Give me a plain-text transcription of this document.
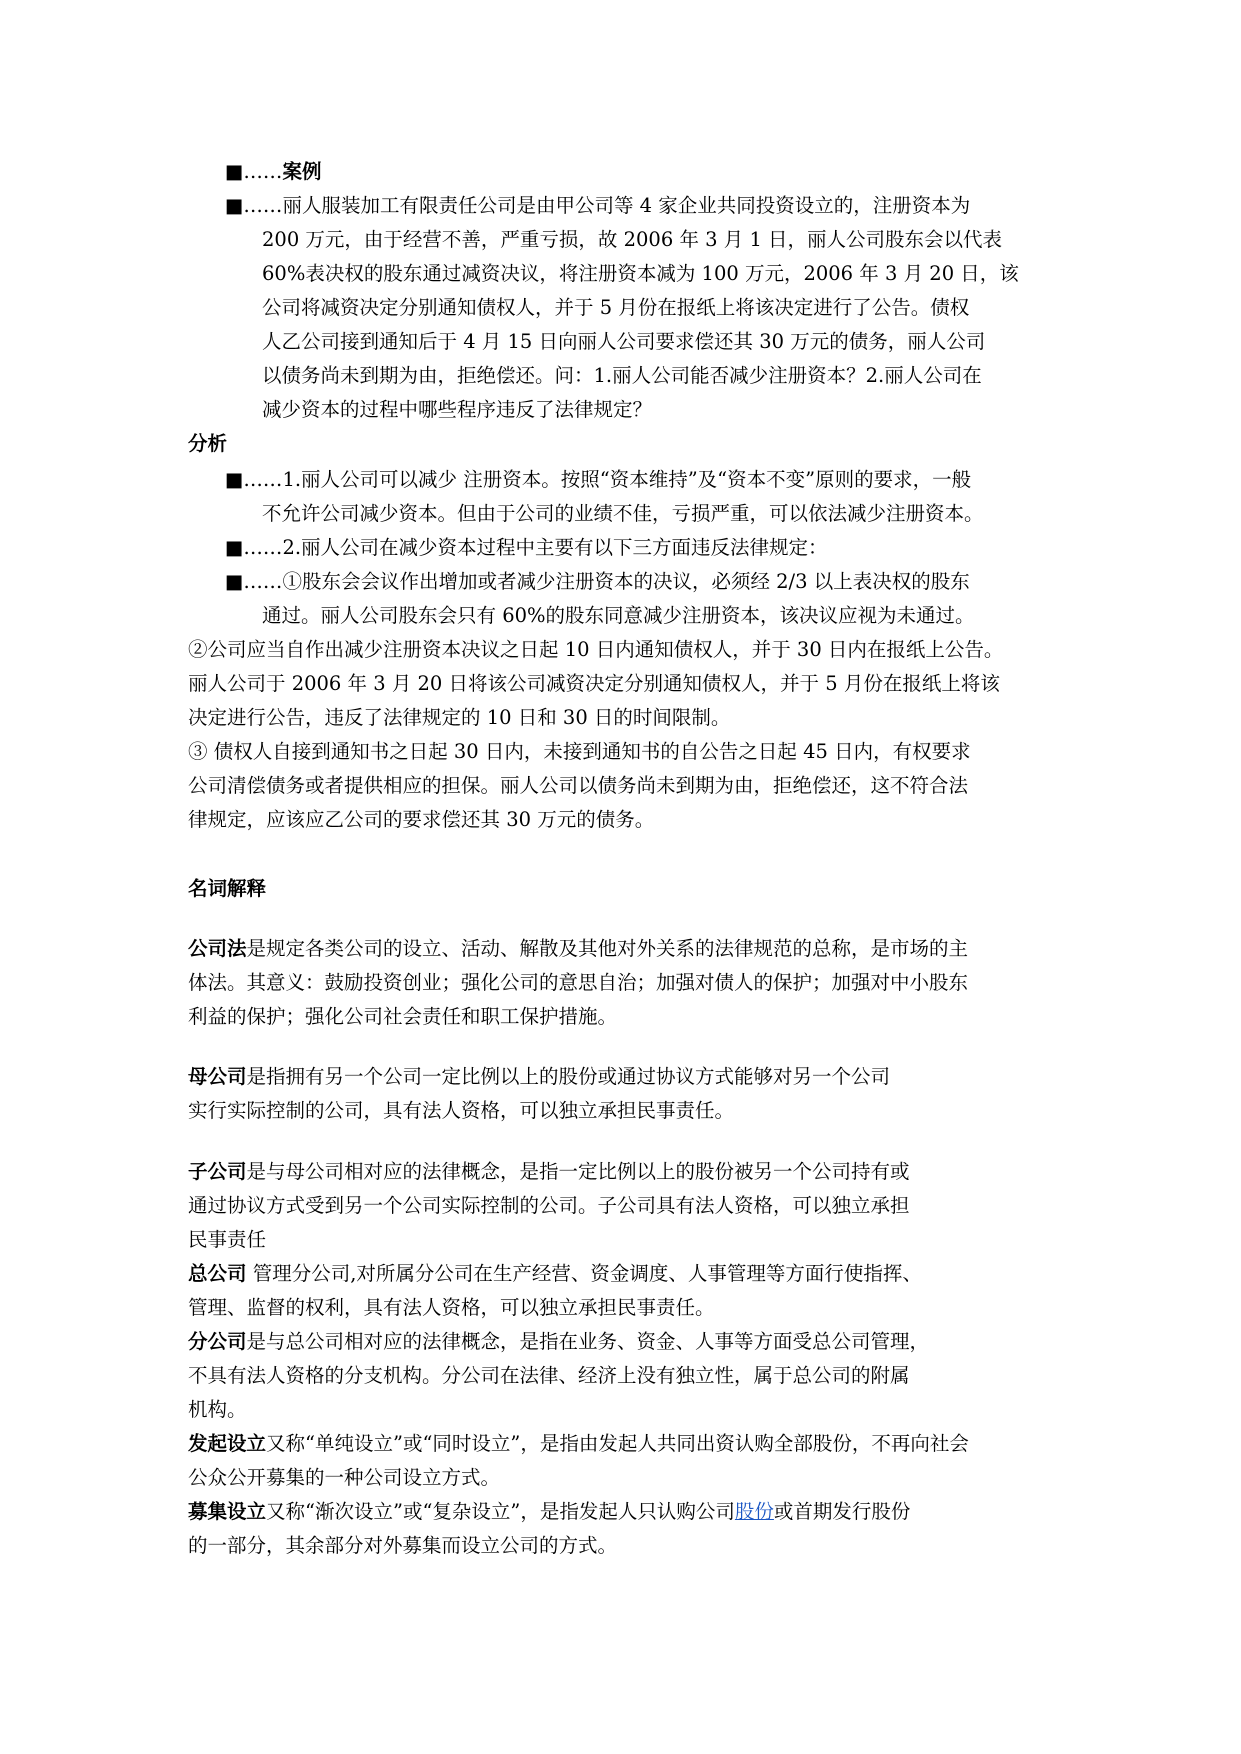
■……案例
■……丽人服装加工有限责任公司是由甲公司等 4 家企业共同投资设立的，注册资本为
200 万元，由于经营不善，严重亏损，故 2006 年 3 月 1 日，丽人公司股东会以代表
60%表决权的股东通过减资决议，将注册资本减为 100 万元，2006 年 3 月 20 日，该
公司将减资决定分别通知债权人，并于 5 月份在报纸上将该决定进行了公告。债权
人乙公司接到通知后于 4 月 15 日向丽人公司要求偿还其 30 万元的债务，丽人公司
以债务尚未到期为由，拒绝偿还。问：1.丽人公司能否减少注册资本？2.丽人公司在
减少资本的过程中哪些程序违反了法律规定？
分析
■……1.丽人公司可以减少 注册资本。按照“资本维持”及“资本不变”原则的要求，一般
不允许公司减少资本。但由于公司的业绩不佳，亏损严重，可以依法减少注册资本。
■……2.丽人公司在减少资本过程中主要有以下三方面违反法律规定：
■……①股东会会议作出增加或者减少注册资本的决议，必须经 2/3 以上表决权的股东
通过。丽人公司股东会只有 60%的股东同意减少注册资本，该决议应视为未通过。
②公司应当自作出减少注册资本决议之日起 10 日内通知债权人，并于 30 日内在报纸上公告。
丽人公司于 2006 年 3 月 20 日将该公司减资决定分别通知债权人，并于 5 月份在报纸上将该
决定进行公告，违反了法律规定的 10 日和 30 日的时间限制。
③ 债权人自接到通知书之日起 30 日内，未接到通知书的自公告之日起 45 日内，有权要求
公司清偿债务或者提供相应的担保。丽人公司以债务尚未到期为由，拒绝偿还，这不符合法
律规定，应该应乙公司的要求偿还其 30 万元的债务。
名词解释
公司法是规定各类公司的设立、活动、解散及其他对外关系的法律规范的总称，是市场的主
体法。其意义：鼓励投资创业；强化公司的意思自治；加强对债人的保护；加强对中小股东
利益的保护；强化公司社会责任和职工保护措施。
母公司是指拥有另一个公司一定比例以上的股份或通过协议方式能够对另一个公司
实行实际控制的公司，具有法人资格，可以独立承担民事责任。
子公司是与母公司相对应的法律概念，是指一定比例以上的股份被另一个公司持有或
通过协议方式受到另一个公司实际控制的公司。子公司具有法人资格，可以独立承担
民事责任
总公司 管理分公司,对所属分公司在生产经营、资金调度、人事管理等方面行使指挥、
管理、监督的权利，具有法人资格，可以独立承担民事责任。
分公司是与总公司相对应的法律概念，是指在业务、资金、人事等方面受总公司管理，
不具有法人资格的分支机构。分公司在法律、经济上没有独立性，属于总公司的附属
机构。
发起设立又称“单纯设立”或“同时设立”，是指由发起人共同出资认购全部股份，不再向社会
公众公开募集的一种公司设立方式。
募集设立又称“渐次设立”或“复杂设立”，是指发起人只认购公司股份或首期发行股份
的一部分，其余部分对外募集而设立公司的方式。
